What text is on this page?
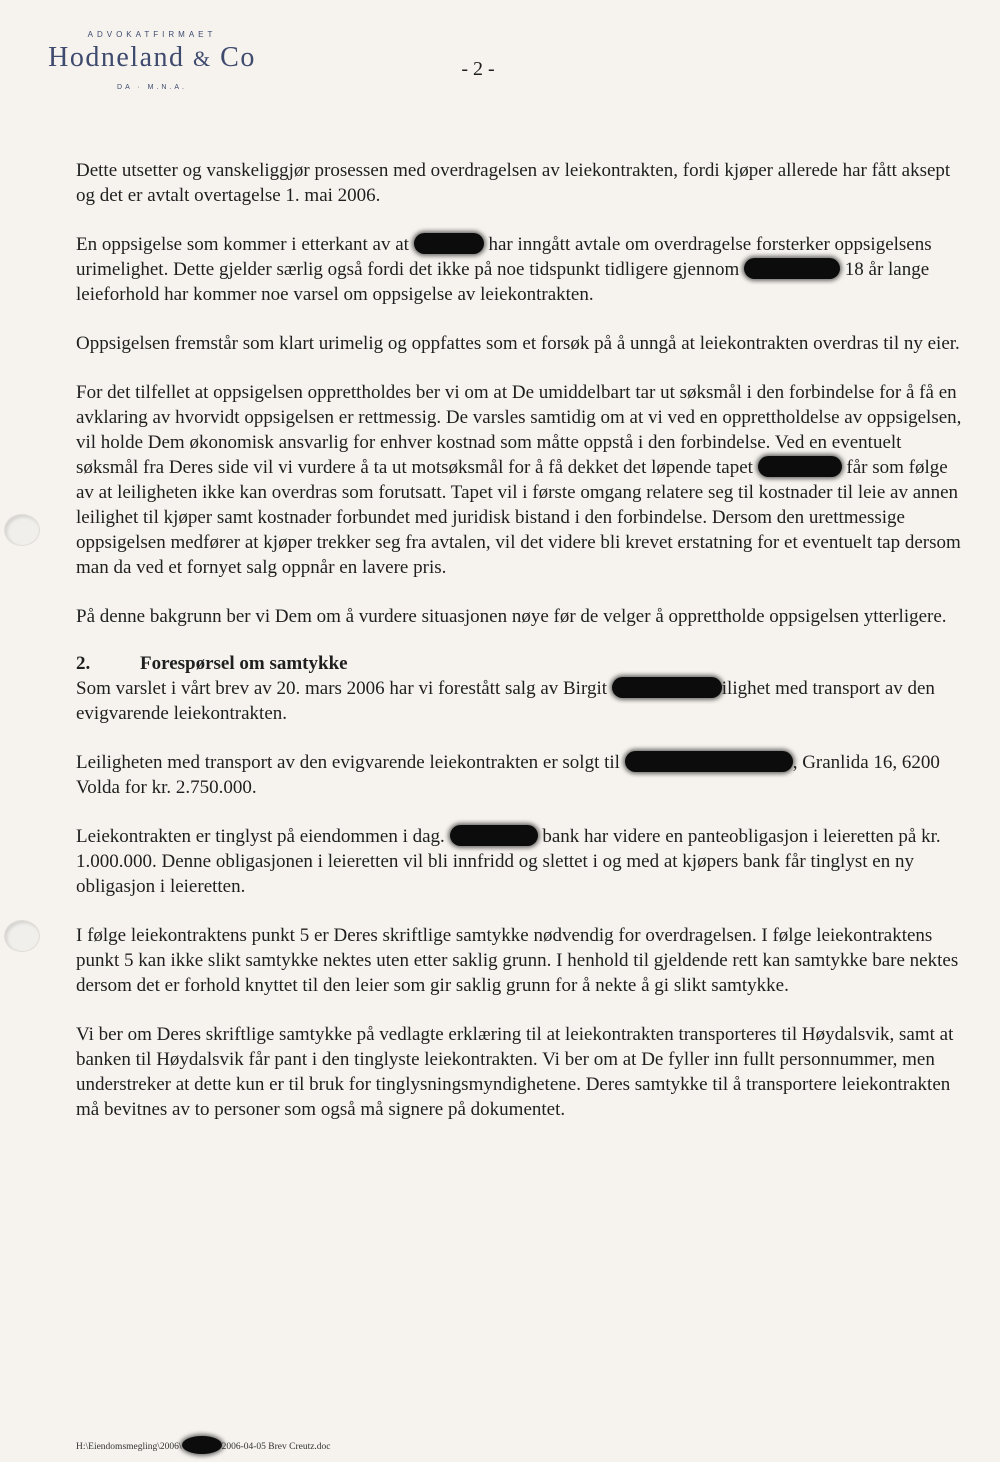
ADVOKATFIRMAET
Hodneland & Co
DA · M.N.A.
- 2 -

Dette utsetter og vanskeliggjør prosessen med overdragelsen av leiekontrakten, fordi kjøper allerede har fått aksept og det er avtalt overtagelse 1. mai 2006.

En oppsigelse som kommer i etterkant av at	har inngått avtale om overdragelse forsterker oppsigelsens urimelighet. Dette gjelder særlig også fordi det ikke på noe tidspunkt tidligere gjennom	18 år lange leieforhold har kommer noe varsel om oppsigelse av leiekontrakten.

Oppsigelsen fremstår som klart urimelig og oppfattes som et forsøk på å unngå at leiekontrakten overdras til ny eier.

For det tilfellet at oppsigelsen opprettholdes ber vi om at De umiddelbart tar ut søksmål i den forbindelse for å få en avklaring av hvorvidt oppsigelsen er rettmessig. De varsles samtidig om at vi ved en opprettholdelse av oppsigelsen, vil holde Dem økonomisk ansvarlig for enhver kostnad som måtte oppstå i den forbindelse. Ved en eventuelt søksmål fra Deres side vil vi vurdere å ta ut motsøksmål for å få dekket det løpende tapet	får som følge av at leiligheten ikke kan overdras som forutsatt. Tapet vil i første omgang relatere seg til kostnader til leie av annen leilighet til kjøper samt kostnader forbundet med juridisk bistand i den forbindelse. Dersom den urettmessige oppsigelsen medfører at kjøper trekker seg fra avtalen, vil det videre bli krevet erstatning for et eventuelt tap dersom man da ved et fornyet salg oppnår en lavere pris.

På denne bakgrunn ber vi Dem om å vurdere situasjonen nøye før de velger å opprettholde oppsigelsen ytterligere.

2.	Forespørsel om samtykke

Som varslet i vårt brev av 20. mars 2006 har vi forestått salg av Birgit	ilighet med transport av den evigvarende leiekontrakten.

Leiligheten med transport av den evigvarende leiekontrakten er solgt til	, Granlida 16, 6200 Volda for kr. 2.750.000.

Leiekontrakten er tinglyst på eiendommen i dag.	bank har videre en panteobligasjon i leieretten på kr. 1.000.000. Denne obligasjonen i leieretten vil bli innfridd og slettet i og med at kjøpers bank får tinglyst en ny obligasjon i leieretten.

I følge leiekontraktens punkt 5 er Deres skriftlige samtykke nødvendig for overdragelsen. I følge leiekontraktens punkt 5 kan ikke slikt samtykke nektes uten etter saklig grunn. I henhold til gjeldende rett kan samtykke bare nektes dersom det er forhold knyttet til den leier som gir saklig grunn for å nekte å gi slikt samtykke.

Vi ber om Deres skriftlige samtykke på vedlagte erklæring til at leiekontrakten transporteres til Høydalsvik, samt at banken til Høydalsvik får pant i den tinglyste leiekontrakten. Vi ber om at De fyller inn fullt personnummer, men understreker at dette kun er til bruk for tinglysningsmyndighetene. Deres samtykke til å transportere leiekontrakten må bevitnes av to personer som også må signere på dokumentet.

H:\Eiendomsmegling\2006\	2006-04-05 Brev Creutz.doc
